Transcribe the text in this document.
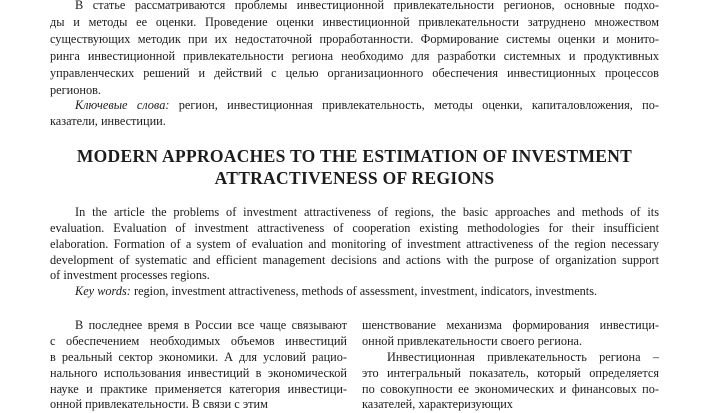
В статье рассматриваются проблемы инвестиционной привлекательности регионов, основные подхо-
ды и методы ее оценки. Проведение оценки инвестиционной привлекательности затруднено множеством
существующих методик при их недостаточной проработанности. Формирование системы оценки и монито-
ринга инвестиционной привлекательности региона необходимо для разработки системных и продуктивных
управленческих решений и действий с целью организационного обеспечения инвестиционных процессов
регионов.
Ключевые слова: регион, инвестиционная привлекательность, методы оценки, капиталовложения, по-
казатели, инвестиции.
MODERN APPROACHES TO THE ESTIMATION OF INVESTMENT
ATTRACTIVENESS OF REGIONS
In the article the problems of investment attractiveness of regions, the basic approaches and methods of its
evaluation. Evaluation of investment attractiveness of cooperation existing methodologies for their insufficient
elaboration. Formation of a system of evaluation and monitoring of investment attractiveness of the region necessary
development of systematic and efficient management decisions and actions with the purpose of organization support
of investment processes regions.
Key words: region, investment attractiveness, methods of assessment, investment, indicators, investments.
В последнее время в России все чаще связывают
с обеспечением необходимых объемов инвестиций
в реальный сектор экономики. А для условий рацио-
нального использования инвестиций в экономической
науке и практике применяется категория инвестици-
онной привлекательности. В связи с этим
шенствование механизма формирования инвестици-
онной привлекательности своего региона.
Инвестиционная привлекательность региона –
это интегральный показатель, который определяется
по совокупности ее экономических и финансовых по-
казателей, характеризующих
